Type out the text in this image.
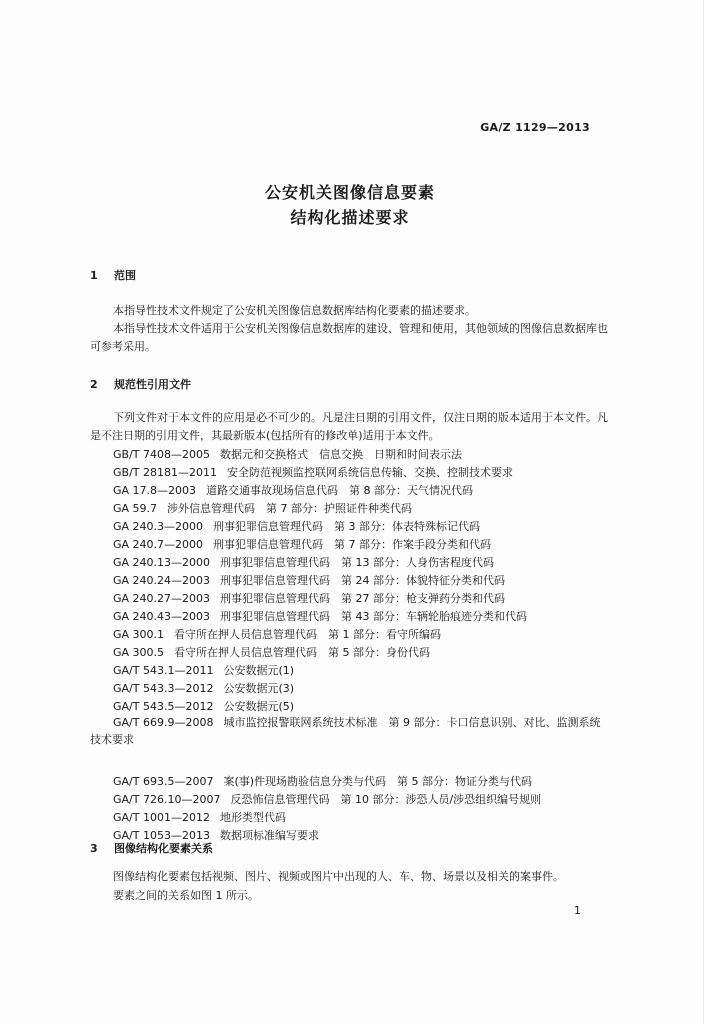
GA/Z 1129—2013
公安机关图像信息要素
结构化描述要求
1 范围
本指导性技术文件规定了公安机关图像信息数据库结构化要素的描述要求。
本指导性技术文件适用于公安机关图像信息数据库的建设、管理和使用，其他领域的图像信息数据库也可参考采用。
2 规范性引用文件
下列文件对于本文件的应用是必不可少的。凡是注日期的引用文件，仅注日期的版本适用于本文件。凡是不注日期的引用文件，其最新版本(包括所有的修改单)适用于本文件。
GB/T 7408—2005 数据元和交换格式　信息交换　日期和时间表示法
GB/T 28181—2011 安全防范视频监控联网系统信息传输、交换、控制技术要求
GA 17.8—2003 道路交通事故现场信息代码　第 8 部分：天气情况代码
GA 59.7 涉外信息管理代码　第 7 部分：护照证件种类代码
GA 240.3—2000 刑事犯罪信息管理代码　第 3 部分：体表特殊标记代码
GA 240.7—2000 刑事犯罪信息管理代码　第 7 部分：作案手段分类和代码
GA 240.13—2000 刑事犯罪信息管理代码　第 13 部分：人身伤害程度代码
GA 240.24—2003 刑事犯罪信息管理代码　第 24 部分：体貌特征分类和代码
GA 240.27—2003 刑事犯罪信息管理代码　第 27 部分：枪支弹药分类和代码
GA 240.43—2003 刑事犯罪信息管理代码　第 43 部分：车辆轮胎痕迹分类和代码
GA 300.1 看守所在押人员信息管理代码　第 1 部分：看守所编码
GA 300.5 看守所在押人员信息管理代码　第 5 部分：身份代码
GA/T 543.1—2011 公安数据元(1)
GA/T 543.3—2012 公安数据元(3)
GA/T 543.5—2012 公安数据元(5)
GA/T 669.9—2008 城市监控报警联网系统技术标准　第 9 部分：卡口信息识别、对比、监测系统
GA/T 693.5—2007 案(事)件现场勘验信息分类与代码　第 5 部分：物证分类与代码
GA/T 726.10—2007 反恐怖信息管理代码　第 10 部分：涉恐人员/涉恐组织编号规则
GA/T 1001—2012 地形类型代码
GA/T 1053—2013 数据项标准编写要求
技术要求
3 图像结构化要素关系
图像结构化要素包括视频、图片、视频或图片中出现的人、车、物、场景以及相关的案事件。
要素之间的关系如图 1 所示。
1
